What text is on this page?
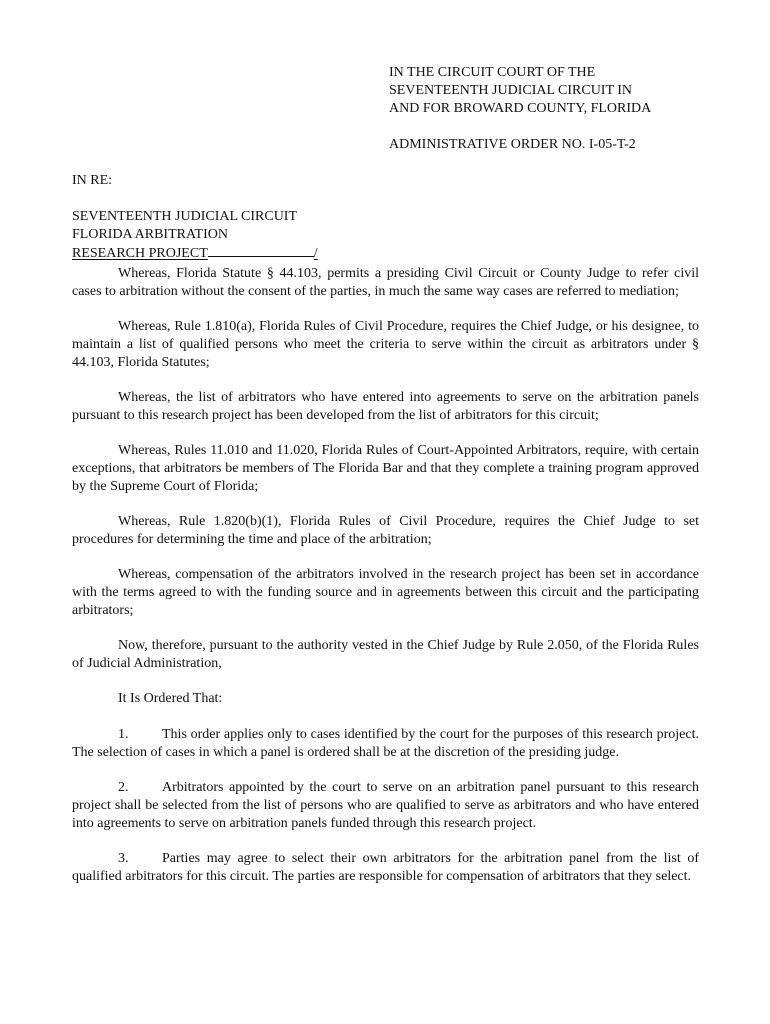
IN THE CIRCUIT COURT OF THE
SEVENTEENTH JUDICIAL CIRCUIT IN
AND FOR BROWARD COUNTY, FLORIDA
ADMINISTRATIVE ORDER NO. I-05-T-2
IN RE:
SEVENTEENTH JUDICIAL CIRCUIT
FLORIDA ARBITRATION
RESEARCH PROJECT	/

Whereas, Florida Statute § 44.103, permits a presiding Civil Circuit or County Judge to refer civil cases to arbitration without the consent of the parties, in much the same way cases are referred to mediation;

Whereas, Rule 1.810(a), Florida Rules of Civil Procedure, requires the Chief Judge, or his designee, to maintain a list of qualified persons who meet the criteria to serve within the circuit as arbitrators under § 44.103, Florida Statutes;

Whereas, the list of arbitrators who have entered into agreements to serve on the arbitration panels pursuant to this research project has been developed from the list of arbitrators for this circuit;

Whereas, Rules 11.010 and 11.020, Florida Rules of Court-Appointed Arbitrators, require, with certain exceptions, that arbitrators be members of The Florida Bar and that they complete a training program approved by the Supreme Court of Florida;

Whereas, Rule 1.820(b)(1), Florida Rules of Civil Procedure, requires the Chief Judge to set procedures for determining the time and place of the arbitration;

Whereas, compensation of the arbitrators involved in the research project has been set in accordance with the terms agreed to with the funding source and in agreements between this circuit and the participating arbitrators;

Now, therefore, pursuant to the authority vested in the Chief Judge by Rule 2.050, of the Florida Rules of Judicial Administration,

It Is Ordered That:

1. This order applies only to cases identified by the court for the purposes of this research project. The selection of cases in which a panel is ordered shall be at the discretion of the presiding judge.

2. Arbitrators appointed by the court to serve on an arbitration panel pursuant to this research project shall be selected from the list of persons who are qualified to serve as arbitrators and who have entered into agreements to serve on arbitration panels funded through this research project.

3. Parties may agree to select their own arbitrators for the arbitration panel from the list of qualified arbitrators for this circuit. The parties are responsible for compensation of arbitrators that they select.
